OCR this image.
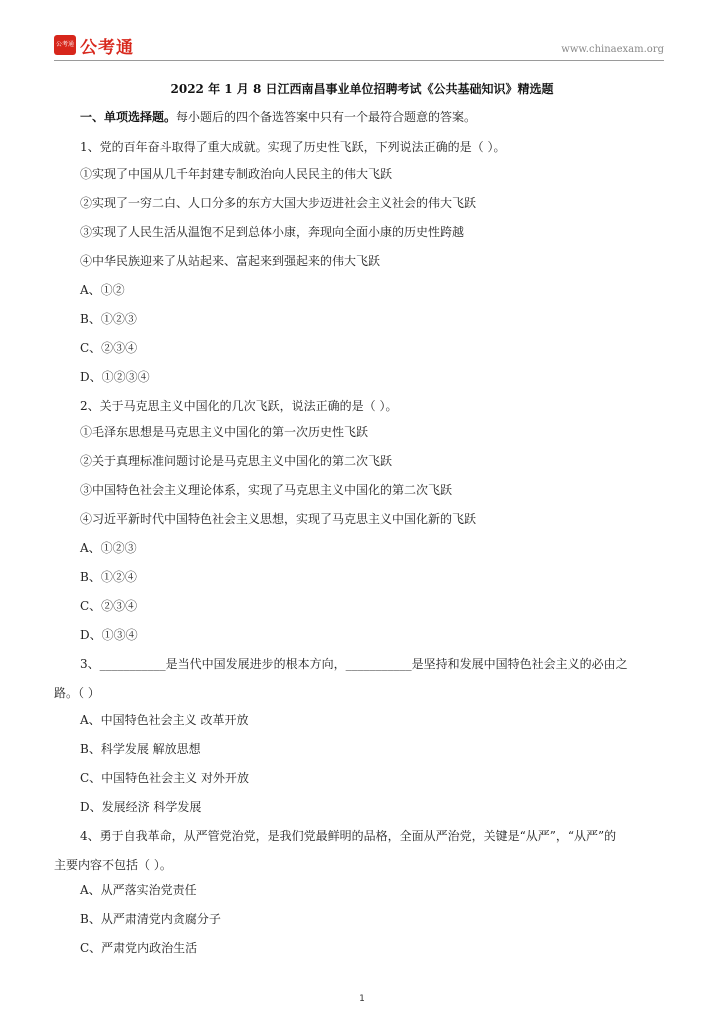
公考通 公考通	www.chinaexam.org
2022 年 1 月 8 日江西南昌事业单位招聘考试《公共基础知识》精选题
一、单项选择题。每小题后的四个备选答案中只有一个最符合题意的答案。
1、党的百年奋斗取得了重大成就。实现了历史性飞跃，下列说法正确的是（ ）。
①实现了中国从几千年封建专制政治向人民民主的伟大飞跃
②实现了一穷二白、人口分多的东方大国大步迈进社会主义社会的伟大飞跃
③实现了人民生活从温饱不足到总体小康，奔现向全面小康的历史性跨越
④中华民族迎来了从站起来、富起来到强起来的伟大飞跃
A、①②
B、①②③
C、②③④
D、①②③④
2、关于马克思主义中国化的几次飞跃，说法正确的是（ ）。
①毛泽东思想是马克思主义中国化的第一次历史性飞跃
②关于真理标准问题讨论是马克思主义中国化的第二次飞跃
③中国特色社会主义理论体系，实现了马克思主义中国化的第二次飞跃
④习近平新时代中国特色社会主义思想，实现了马克思主义中国化新的飞跃
A、①②③
B、①②④
C、②③④
D、①③④
3、___________是当代中国发展进步的根本方向，___________是坚持和发展中国特色社会主义的必由之
路。（ ）
A、中国特色社会主义 改革开放
B、科学发展 解放思想
C、中国特色社会主义 对外开放
D、发展经济 科学发展
4、勇于自我革命，从严管党治党，是我们党最鲜明的品格，全面从严治党，关键是“从严”，“从严”的
主要内容不包括（ ）。
A、从严落实治党责任
B、从严肃清党内贪腐分子
C、严肃党内政治生活
1
